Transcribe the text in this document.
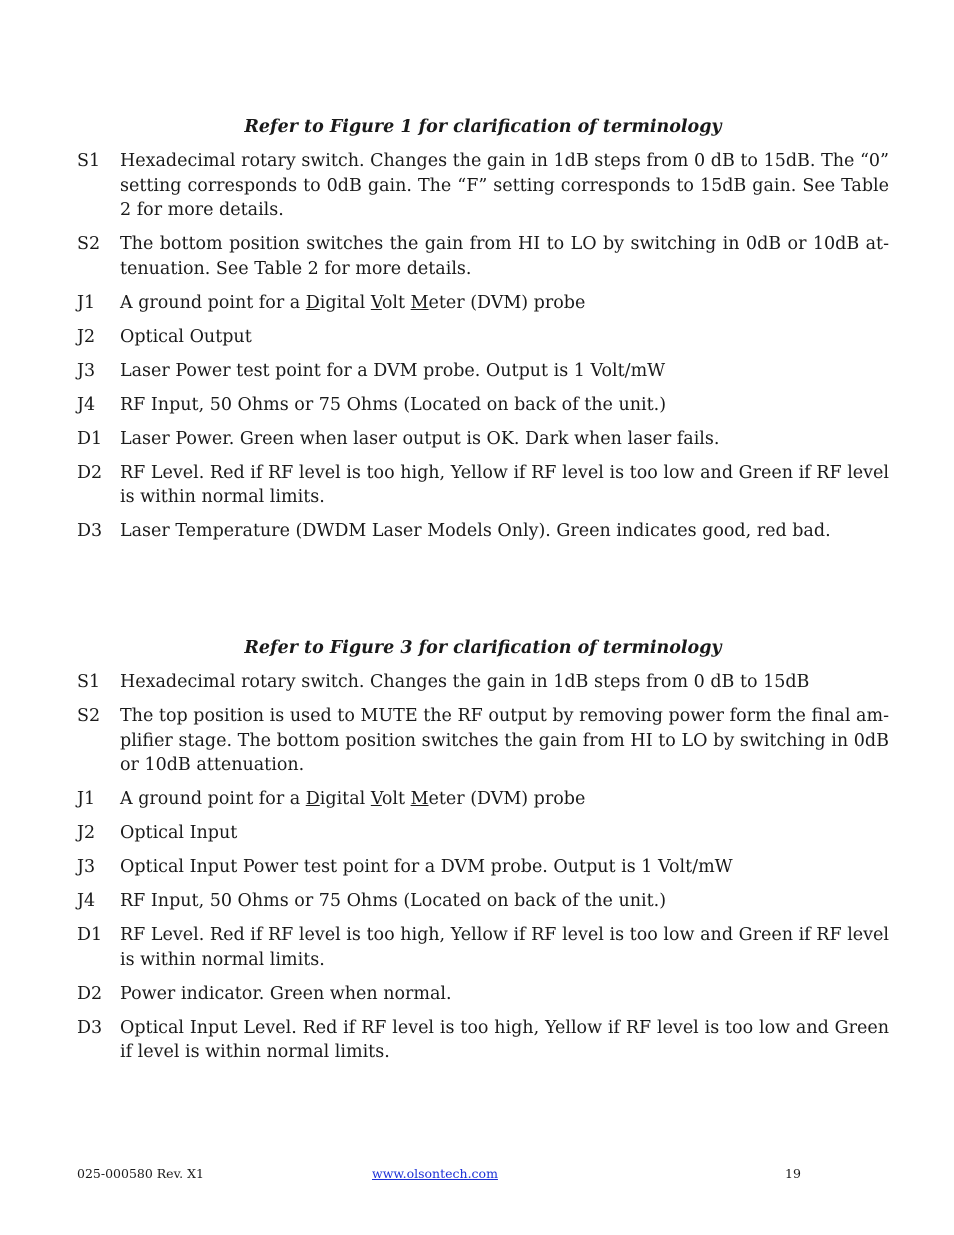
Refer to Figure 1 for clarification of terminology
S1	Hexadecimal rotary switch. Changes the gain in 1dB steps from 0 dB to 15dB. The “0” setting corresponds to 0dB gain. The “F” setting corresponds to 15dB gain. See Table 2 for more details.
S2	The bottom position switches the gain from HI to LO by switching in 0dB or 10dB at-tenuation. See Table 2 for more details.
J1	A ground point for a Digital Volt Meter (DVM) probe
J2	Optical Output
J3	Laser Power test point for a DVM probe. Output is 1 Volt/mW
J4	RF Input, 50 Ohms or 75 Ohms (Located on back of the unit.)
D1	Laser Power. Green when laser output is OK. Dark when laser fails.
D2	RF Level. Red if RF level is too high, Yellow if RF level is too low and Green if RF level is within normal limits.
D3	Laser Temperature (DWDM Laser Models Only). Green indicates good, red bad.
Refer to Figure 3 for clarification of terminology
S1	Hexadecimal rotary switch. Changes the gain in 1dB steps from 0 dB to 15dB
S2	The top position is used to MUTE the RF output by removing power form the final am-plifier stage. The bottom position switches the gain from HI to LO by switching in 0dB or 10dB attenuation.
J1	A ground point for a Digital Volt Meter (DVM) probe
J2	Optical Input
J3	Optical Input Power test point for a DVM probe. Output is 1 Volt/mW
J4	RF Input, 50 Ohms or 75 Ohms (Located on back of the unit.)
D1	RF Level. Red if RF level is too high, Yellow if RF level is too low and Green if RF level is within normal limits.
D2	Power indicator. Green when normal.
D3	Optical Input Level. Red if RF level is too high, Yellow if RF level is too low and Green if level is within normal limits.
025-000580 Rev. X1	www.olsontech.com	19
